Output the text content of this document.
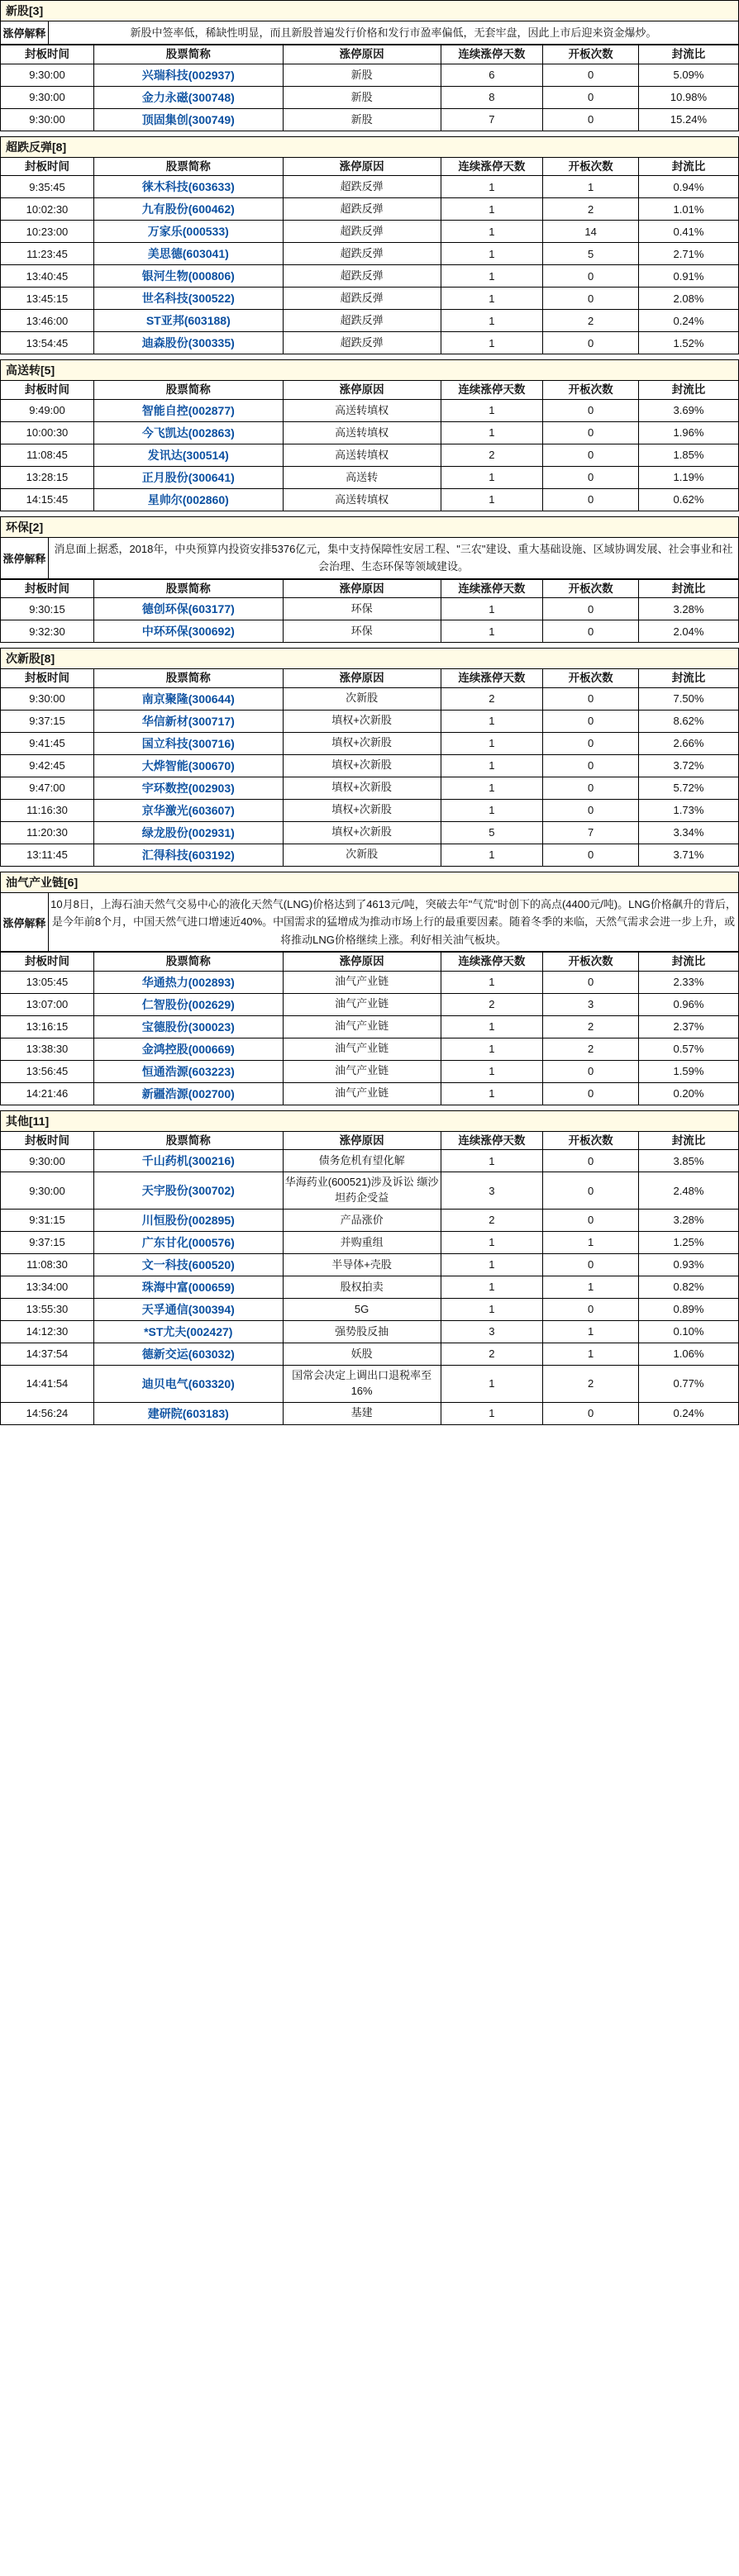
新股[3]
涨停解释	新股中签率低，稀缺性明显，而且新股普遍发行价格和发行市盈率偏低，无套牢盘，因此上市后迎来资金爆炒。
封板时间	股票简称	涨停原因	连续涨停天数	开板次数	封流比
9:30:00	兴瑞科技(002937)	新股	6	0	5.09%
9:30:00	金力永磁(300748)	新股	8	0	10.98%
9:30:00	顶固集创(300749)	新股	7	0	15.24%
超跌反弹[8]
封板时间	股票简称	涨停原因	连续涨停天数	开板次数	封流比
9:35:45	徕木科技(603633)	超跌反弹	1	1	0.94%
10:02:30	九有股份(600462)	超跌反弹	1	2	1.01%
10:23:00	万家乐(000533)	超跌反弹	1	14	0.41%
11:23:45	美思德(603041)	超跌反弹	1	5	2.71%
13:40:45	银河生物(000806)	超跌反弹	1	0	0.91%
13:45:15	世名科技(300522)	超跌反弹	1	0	2.08%
13:46:00	ST亚邦(603188)	超跌反弹	1	2	0.24%
13:54:45	迪森股份(300335)	超跌反弹	1	0	1.52%
高送转[5]
封板时间	股票简称	涨停原因	连续涨停天数	开板次数	封流比
9:49:00	智能自控(002877)	高送转填权	1	0	3.69%
10:00:30	今飞凯达(002863)	高送转填权	1	0	1.96%
11:08:45	发讯达(300514)	高送转填权	2	0	1.85%
13:28:15	正月股份(300641)	高送转	1	0	1.19%
14:15:45	星帅尔(002860)	高送转填权	1	0	0.62%
环保[2]
涨停解释	消息面上据悉，2018年，中央预算内投资安排5376亿元，集中支持保障性安居工程、"三农"建设、重大基础设施、区域协调发展、社会事业和社会治理、生态环保等领域建设。
封板时间	股票简称	涨停原因	连续涨停天数	开板次数	封流比
9:30:15	德创环保(603177)	环保	1	0	3.28%
9:32:30	中环环保(300692)	环保	1	0	2.04%
次新股[8]
封板时间	股票简称	涨停原因	连续涨停天数	开板次数	封流比
9:30:00	南京聚隆(300644)	次新股	2	0	7.50%
9:37:15	华信新材(300717)	填权+次新股	1	0	8.62%
9:41:45	国立科技(300716)	填权+次新股	1	0	2.66%
9:42:45	大烨智能(300670)	填权+次新股	1	0	3.72%
9:47:00	宇环数控(002903)	填权+次新股	1	0	5.72%
11:16:30	京华激光(603607)	填权+次新股	1	0	1.73%
11:20:30	绿龙股份(002931)	填权+次新股	5	7	3.34%
13:11:45	汇得科技(603192)	次新股	1	0	3.71%
油气产业链[6]
涨停解释	10月8日，上海石油天然气交易中心的液化天然气(LNG)价格达到了4613元/吨，突破去年"气荒"时创下的高点(4400元/吨)。LNG价格飙升的背后，是今年前8个月，中国天然气进口增速近40%。中国需求的猛增成为推动市场上行的最重要因素。随着冬季的来临，天然气需求会进一步上升，或将推动LNG价格继续上涨。利好相关油气板块。
封板时间	股票简称	涨停原因	连续涨停天数	开板次数	封流比
13:05:45	华通热力(002893)	油气产业链	1	0	2.33%
13:07:00	仁智股份(002629)	油气产业链	2	3	0.96%
13:16:15	宝德股份(300023)	油气产业链	1	2	2.37%
13:38:30	金鸿控股(000669)	油气产业链	1	2	0.57%
13:56:45	恒通浩源(603223)	油气产业链	1	0	1.59%
14:21:46	新疆浩源(002700)	油气产业链	1	0	0.20%
其他[11]
封板时间	股票简称	涨停原因	连续涨停天数	开板次数	封流比
9:30:00	千山药机(300216)	债务危机有望化解	1	0	3.85%
9:30:00	天宇股份(300702)	华海药业(600521)涉及诉讼 缬沙坦药企受益	3	0	2.48%
9:31:15	川恒股份(002895)	产品涨价	2	0	3.28%
9:37:15	广东甘化(000576)	并购重组	1	1	1.25%
11:08:30	文一科技(600520)	半导体+壳股	1	0	0.93%
13:34:00	珠海中富(000659)	股权拍卖	1	1	0.82%
13:55:30	天孚通信(300394)	5G	1	0	0.89%
14:12:30	*ST尤夫(002427)	强势股反抽	3	1	0.10%
14:37:54	德新交运(603032)	妖股	2	1	1.06%
14:41:54	迪贝电气(603320)	国常会决定上调出口退税率至16%	1	2	0.77%
14:56:24	建研院(603183)	基建	1	0	0.24%
